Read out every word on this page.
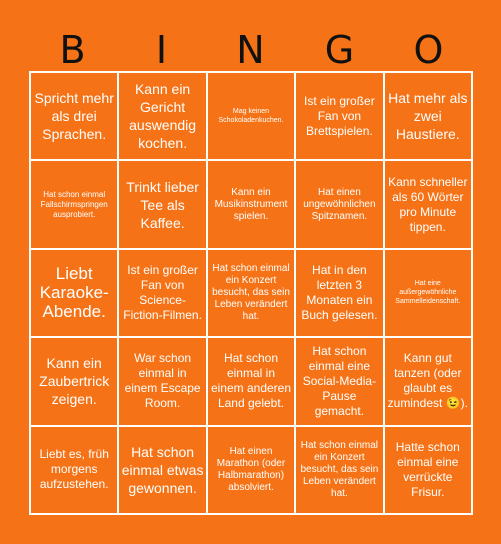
B	I	N	G	O
Spricht mehr als drei Sprachen.
Kann ein Gericht auswendig kochen.
Mag keinen Schokoladenkuchen.
Ist ein großer Fan von Brettspielen.
Hat mehr als zwei Haustiere.
Hat schon einmal Fallschirmspringen ausprobiert.
Trinkt lieber Tee als Kaffee.
Kann ein Musikinstrument spielen.
Hat einen ungewöhnlichen Spitznamen.
Kann schneller als 60 Wörter pro Minute tippen.
Liebt Karaoke-Abende.
Ist ein großer Fan von Science-Fiction-Filmen.
Hat schon einmal ein Konzert besucht, das sein Leben verändert hat.
Hat in den letzten 3 Monaten ein Buch gelesen.
Hat eine außergewöhnliche Sammelleidenschaft.
Kann ein Zaubertrick zeigen.
War schon einmal in einem Escape Room.
Hat schon einmal in einem anderen Land gelebt.
Hat schon einmal eine Social-Media-Pause gemacht.
Kann gut tanzen (oder glaubt es zumindest 😉).
Liebt es, früh morgens aufzustehen.
Hat schon einmal etwas gewonnen.
Hat einen Marathon (oder Halbmarathon) absolviert.
Hat schon einmal ein Konzert besucht, das sein Leben verändert hat.
Hatte schon einmal eine verrückte Frisur.
